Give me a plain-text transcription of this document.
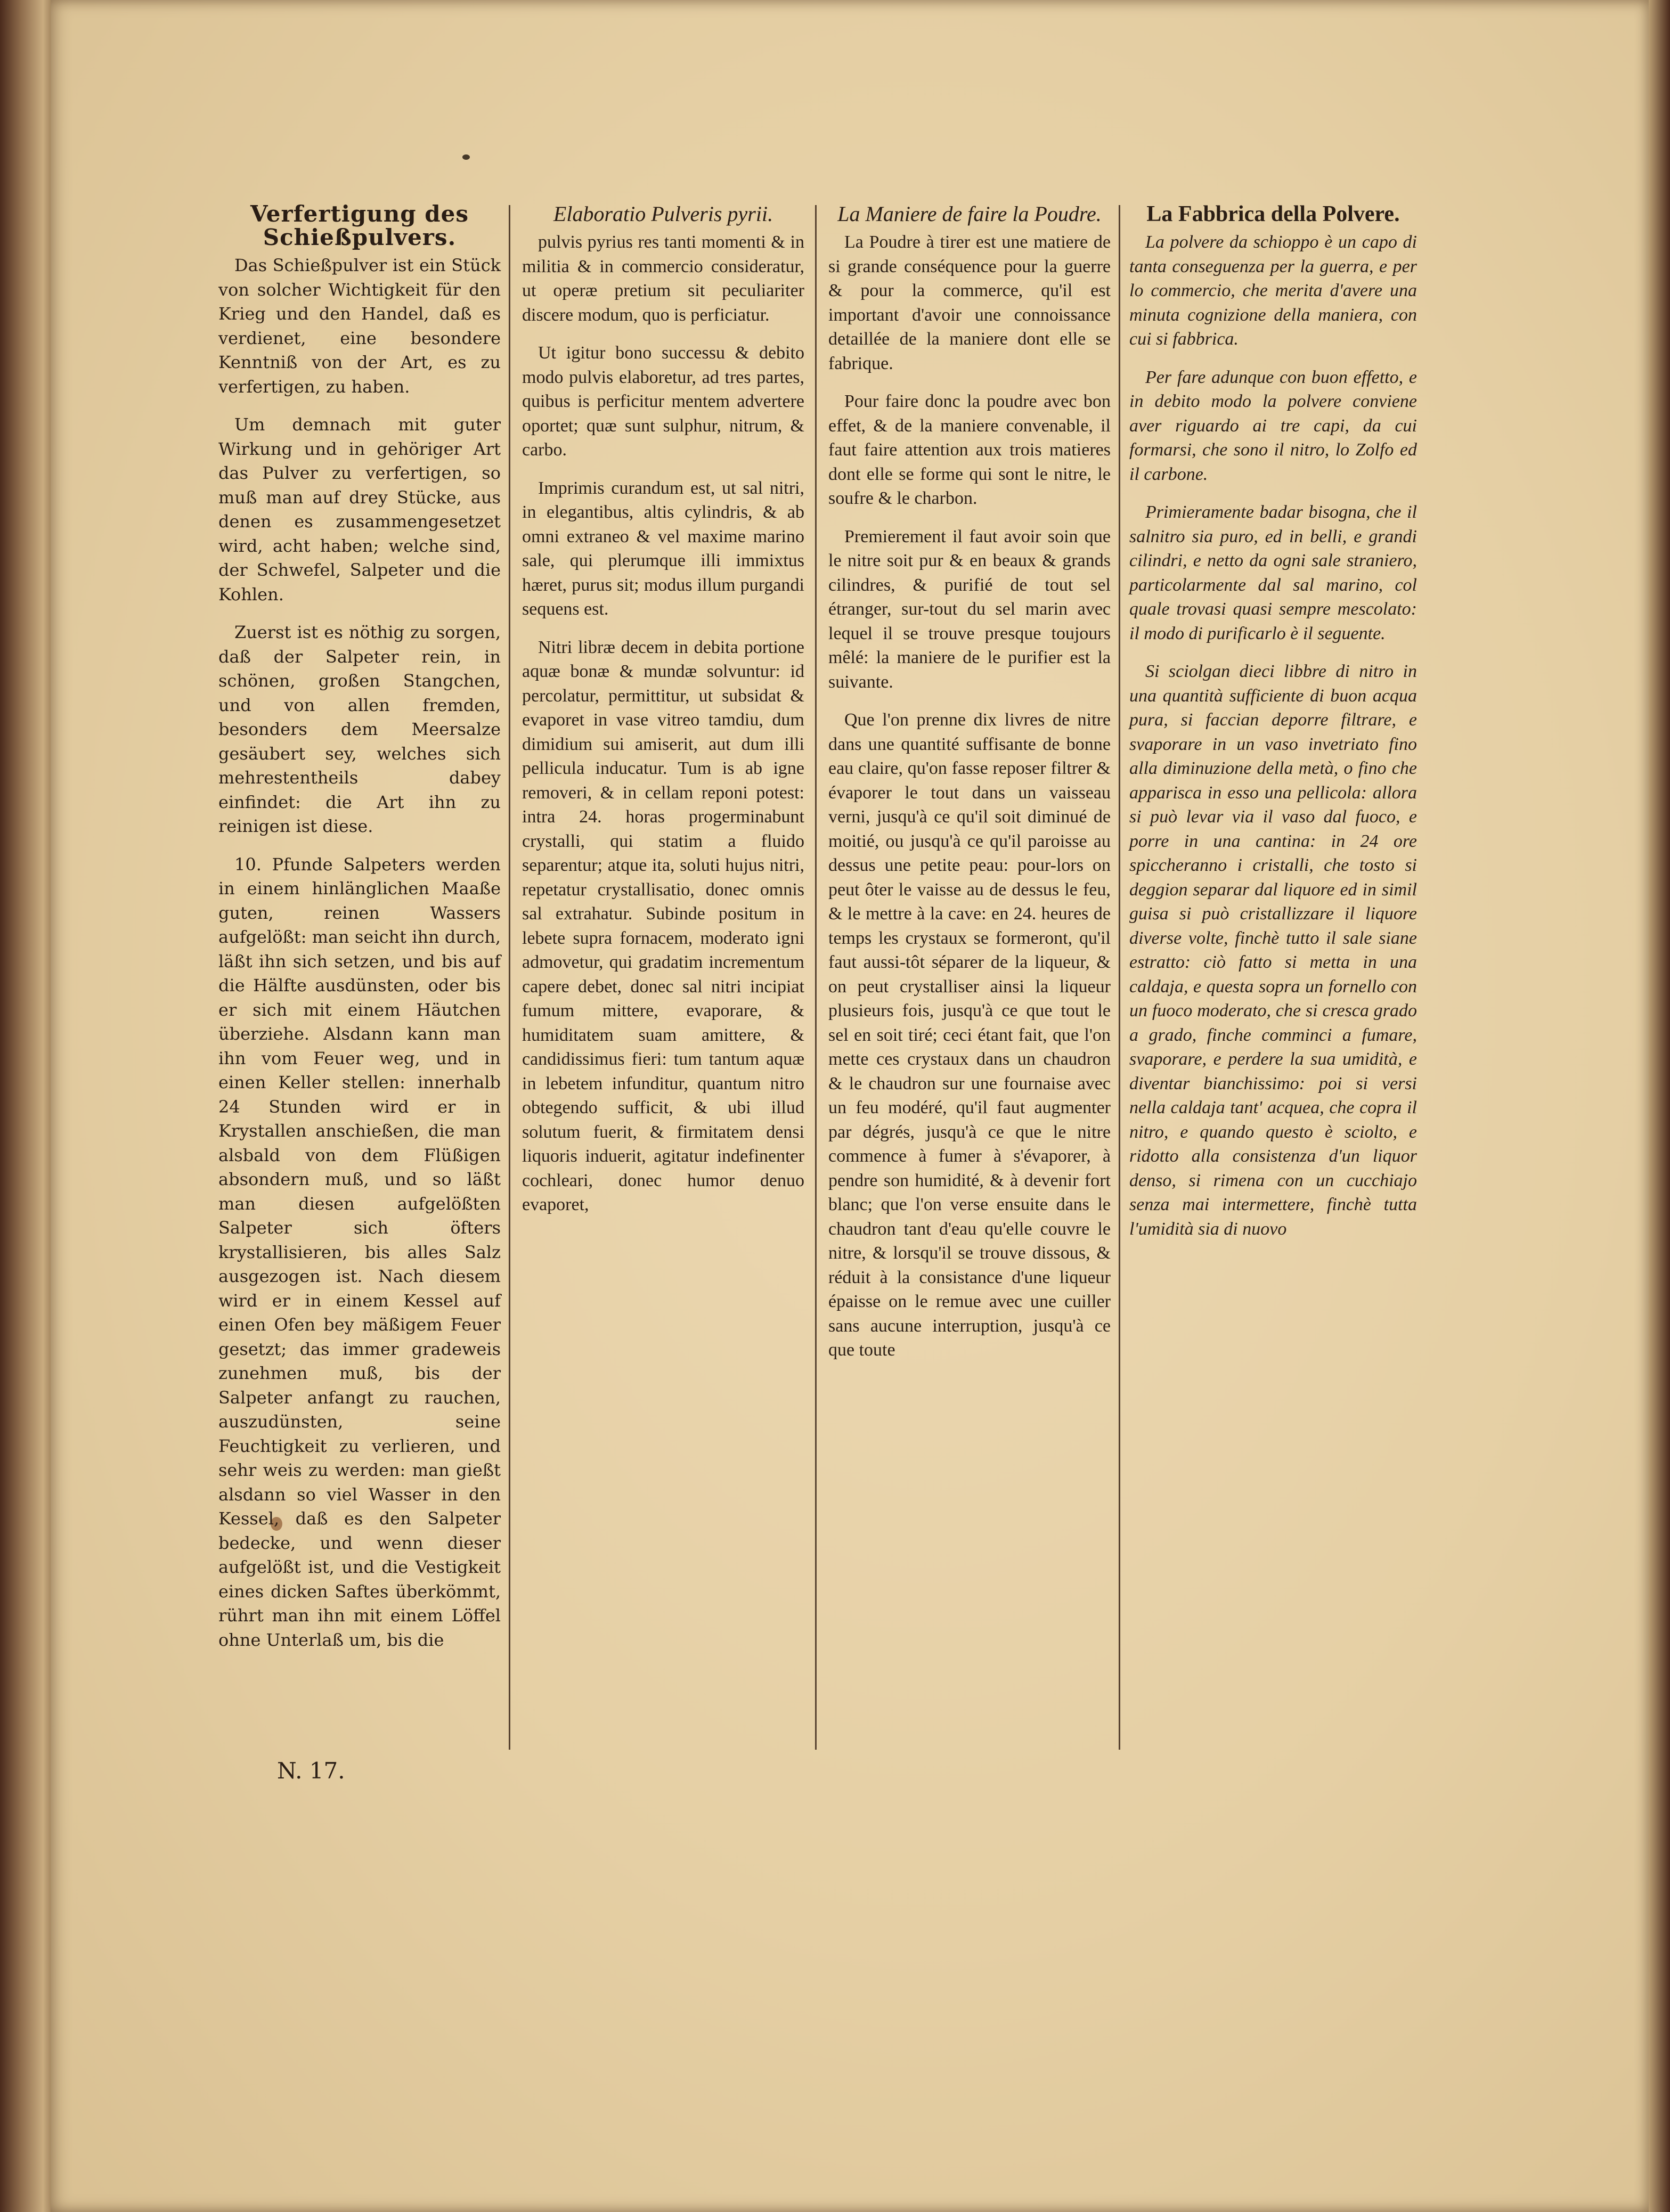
Verfertigung des Schießpulvers.

Das Schießpulver ist ein Stück von solcher Wichtigkeit für den Krieg und den Handel, daß es verdienet, eine besondere Kenntniß von der Art, es zu verfertigen, zu haben.

Um demnach mit guter Wirkung und in gehöriger Art das Pulver zu verfertigen, so muß man auf drey Stücke, aus denen es zusammengesetzet wird, acht haben; welche sind, der Schwefel, Salpeter und die Kohlen.

Zuerst ist es nöthig zu sorgen, daß der Salpeter rein, in schönen, großen Stangchen, und von allen fremden, besonders dem Meersalze gesäubert sey, welches sich mehrestentheils dabey einfindet: die Art ihn zu reinigen ist diese.

10. Pfunde Salpeters werden in einem hinlänglichen Maaße guten, reinen Wassers aufgelößt: man seicht ihn durch, läßt ihn sich setzen, und bis auf die Hälfte ausdünsten, oder bis er sich mit einem Häutchen überziehe. Alsdann kann man ihn vom Feuer weg, und in einen Keller stellen: innerhalb 24 Stunden wird er in Krystallen anschießen, die man alsbald von dem Flüßigen absondern muß, und so läßt man diesen aufgelößten Salpeter sich öfters krystallisieren, bis alles Salz ausgezogen ist. Nach diesem wird er in einem Kessel auf einen Ofen bey mäßigem Feuer gesetzt; das immer gradeweis zunehmen muß, bis der Salpeter anfangt zu rauchen, auszudünsten, seine Feuchtigkeit zu verlieren, und sehr weis zu werden: man gießt alsdann so viel Wasser in den Kessel, daß es den Salpeter bedecke, und wenn dieser aufgelößt ist, und die Vestigkeit eines dicken Saftes überkömmt, rührt man ihn mit einem Löffel ohne Unterlaß um, bis die

Elaboratio Pulveris pyrii.

pulvis pyrius res tanti momenti & in militia & in commercio consideratur, ut operæ pretium sit peculiariter discere modum, quo is perficiatur.

Ut igitur bono successu & debito modo pulvis elaboretur, ad tres partes, quibus is perficitur mentem advertere oportet; quæ sunt sulphur, nitrum, & carbo.

Imprimis curandum est, ut sal nitri, in elegantibus, altis cylindris, & ab omni extraneo & vel maxime marino sale, qui plerumque illi immixtus hæret, purus sit; modus illum purgandi sequens est.

Nitri libræ decem in debita portione aquæ bonæ & mundæ solvuntur: id percolatur, permittitur, ut subsidat & evaporet in vase vitreo tamdiu, dum dimidium sui amiserit, aut dum illi pellicula inducatur. Tum is ab igne removeri, & in cellam reponi potest: intra 24. horas progerminabunt crystalli, qui statim a fluido separentur; atque ita, soluti hujus nitri, repetatur crystallisatio, donec omnis sal extrahatur. Subinde positum in lebete supra fornacem, moderato igni admovetur, qui gradatim incrementum capere debet, donec sal nitri incipiat fumum mittere, evaporare, & humiditatem suam amittere, & candidissimus fieri: tum tantum aquæ in lebetem infunditur, quantum nitro obtegendo sufficit, & ubi illud solutum fuerit, & firmitatem densi liquoris induerit, agitatur indefinenter cochleari, donec humor denuo evaporet,

La Maniere de faire la Poudre.

La Poudre à tirer est une matiere de si grande conséquence pour la guerre & pour la commerce, qu'il est important d'avoir une connoissance detaillée de la maniere dont elle se fabrique.

Pour faire donc la poudre avec bon effet, & de la maniere convenable, il faut faire attention aux trois matieres dont elle se forme qui sont le nitre, le soufre & le charbon.

Premierement il faut avoir soin que le nitre soit pur & en beaux & grands cilindres, & purifié de tout sel étranger, sur-tout du sel marin avec lequel il se trouve presque toujours mêlé: la maniere de le purifier est la suivante.

Que l'on prenne dix livres de nitre dans une quantité suffisante de bonne eau claire, qu'on fasse reposer filtrer & évaporer le tout dans un vaisseau verni, jusqu'à ce qu'il soit diminué de moitié, ou jusqu'à ce qu'il paroisse au dessus une petite peau: pour-lors on peut ôter le vaisse au de dessus le feu, & le mettre à la cave: en 24. heures de temps les crystaux se formeront, qu'il faut aussi-tôt séparer de la liqueur, & on peut crystalliser ainsi la liqueur plusieurs fois, jusqu'à ce que tout le sel en soit tiré; ceci étant fait, que l'on mette ces crystaux dans un chaudron & le chaudron sur une fournaise avec un feu modéré, qu'il faut augmenter par dégrés, jusqu'à ce que le nitre commence à fumer à s'évaporer, à pendre son humidité, & à devenir fort blanc; que l'on verse ensuite dans le chaudron tant d'eau qu'elle couvre le nitre, & lorsqu'il se trouve dissous, & réduit à la consistance d'une liqueur épaisse on le remue avec une cuiller sans aucune interruption, jusqu'à ce que toute

La Fabbrica della Polvere.

La polvere da schioppo è un capo di tanta conseguenza per la guerra, e per lo commercio, che merita d'avere una minuta cognizione della maniera, con cui si fabbrica.

Per fare adunque con buon effetto, e in debito modo la polvere conviene aver riguardo ai tre capi, da cui formarsi, che sono il nitro, lo Zolfo ed il carbone.

Primieramente badar bisogna, che il salnitro sia puro, ed in belli, e grandi cilindri, e netto da ogni sale straniero, particolarmente dal sal marino, col quale trovasi quasi sempre mescolato: il modo di purificarlo è il seguente.

Si sciolgan dieci libbre di nitro in una quantità sufficiente di buon acqua pura, si faccian deporre filtrare, e svaporare in un vaso invetriato fino alla diminuzione della metà, o fino che apparisca in esso una pellicola: allora si può levar via il vaso dal fuoco, e porre in una cantina: in 24 ore spiccheranno i cristalli, che tosto si deggion separar dal liquore ed in simil guisa si può cristallizzare il liquore diverse volte, finchè tutto il sale siane estratto: ciò fatto si metta in una caldaja, e questa sopra un fornello con un fuoco moderato, che si cresca grado a grado, finche comminci a fumare, svaporare, e perdere la sua umidità, e diventar bianchissimo: poi si versi nella caldaja tant' acquea, che copra il nitro, e quando questo è sciolto, e ridotto alla consistenza d'un liquor denso, si rimena con un cucchiajo senza mai intermettere, finchè tutta l'umidità sia di nuovo

N. 17.
